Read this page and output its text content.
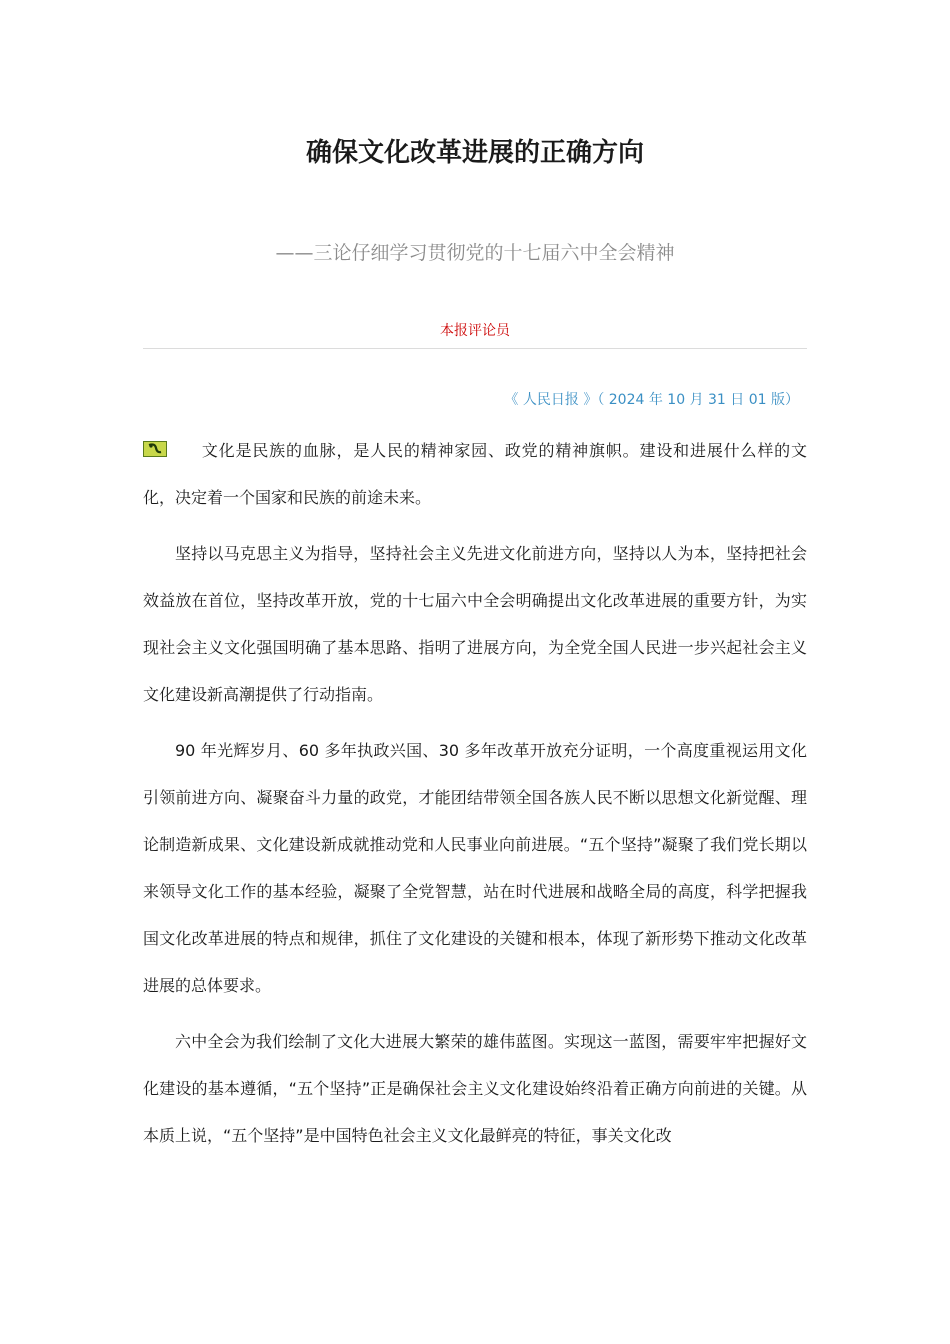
确保文化改革进展的正确方向
——三论仔细学习贯彻党的十七届六中全会精神
本报评论员
《 人民日报 》（ 2024 年 10 月 31 日 01 版）

文化是民族的血脉，是人民的精神家园、政党的精神旗帜。建设和进展什么样的文化，决定着一个国家和民族的前途未来。

坚持以马克思主义为指导，坚持社会主义先进文化前进方向，坚持以人为本，坚持把社会效益放在首位，坚持改革开放，党的十七届六中全会明确提出文化改革进展的重要方针，为实现社会主义文化强国明确了基本思路、指明了进展方向，为全党全国人民进一步兴起社会主义文化建设新高潮提供了行动指南。

90 年光辉岁月、60 多年执政兴国、30 多年改革开放充分证明，一个高度重视运用文化引领前进方向、凝聚奋斗力量的政党，才能团结带领全国各族人民不断以思想文化新觉醒、理论制造新成果、文化建设新成就推动党和人民事业向前进展。“五个坚持”凝聚了我们党长期以来领导文化工作的基本经验，凝聚了全党智慧，站在时代进展和战略全局的高度，科学把握我国文化改革进展的特点和规律，抓住了文化建设的关键和根本，体现了新形势下推动文化改革进展的总体要求。

六中全会为我们绘制了文化大进展大繁荣的雄伟蓝图。实现这一蓝图，需要牢牢把握好文化建设的基本遵循，“五个坚持”正是确保社会主义文化建设始终沿着正确方向前进的关键。从本质上说，“五个坚持”是中国特色社会主义文化最鲜亮的特征，事关文化改
